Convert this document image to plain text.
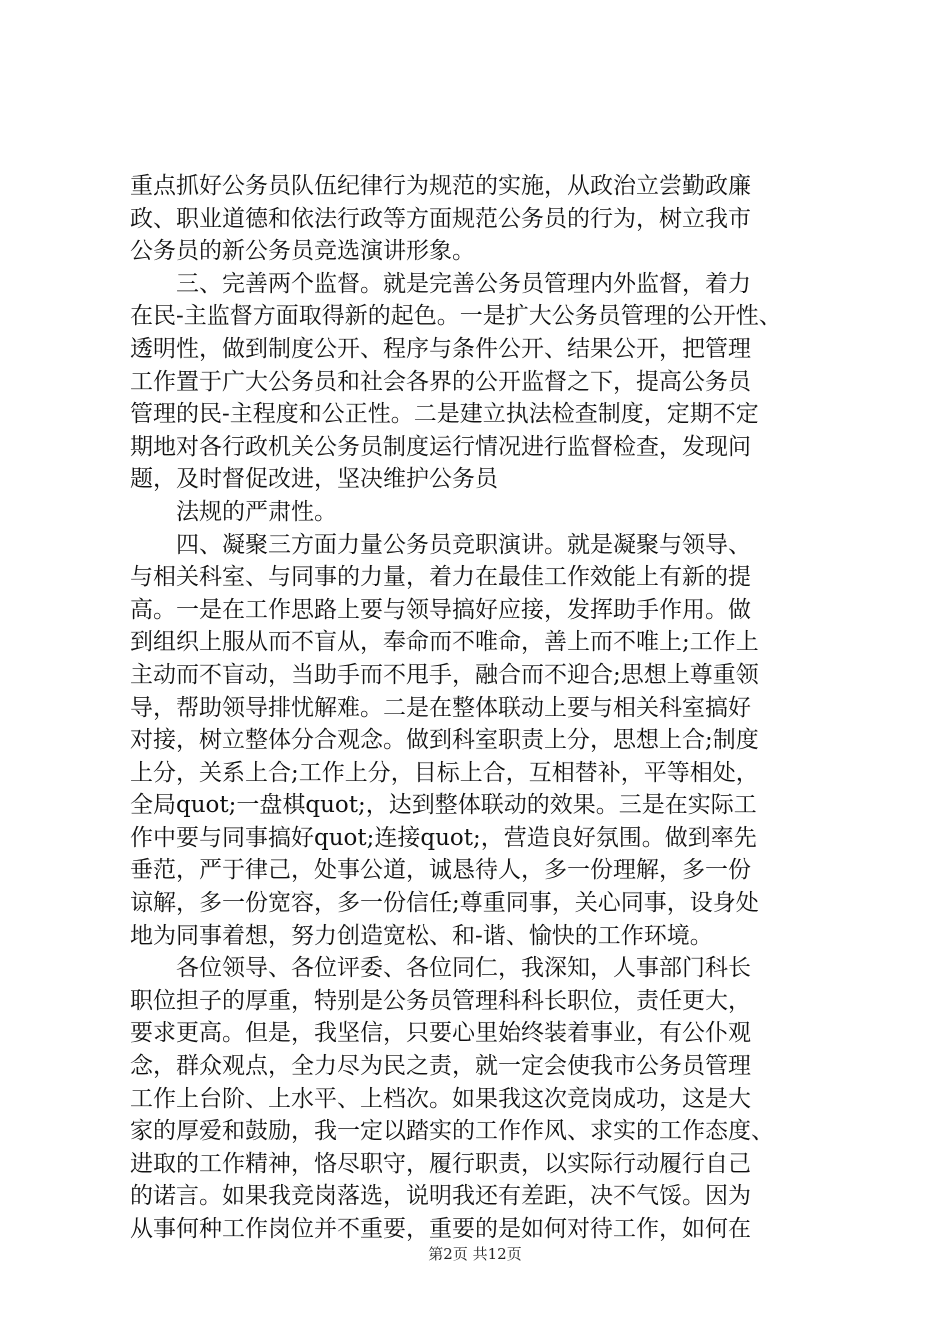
重点抓好公务员队伍纪律行为规范的实施，从政治立尝勤政廉
政、职业道德和依法行政等方面规范公务员的行为，树立我市
公务员的新公务员竞选演讲形象。
三、完善两个监督。就是完善公务员管理内外监督，着力
在民-主监督方面取得新的起色。一是扩大公务员管理的公开性、
透明性，做到制度公开、程序与条件公开、结果公开，把管理
工作置于广大公务员和社会各界的公开监督之下，提高公务员
管理的民-主程度和公正性。二是建立执法检查制度，定期不定
期地对各行政机关公务员制度运行情况进行监督检查，发现问
题，及时督促改进，坚决维护公务员
法规的严肃性。
四、凝聚三方面力量公务员竞职演讲。就是凝聚与领导、
与相关科室、与同事的力量，着力在最佳工作效能上有新的提
高。一是在工作思路上要与领导搞好应接，发挥助手作用。做
到组织上服从而不盲从，奉命而不唯命，善上而不唯上;工作上
主动而不盲动，当助手而不甩手，融合而不迎合;思想上尊重领
导，帮助领导排忧解难。二是在整体联动上要与相关科室搞好
对接，树立整体分合观念。做到科室职责上分，思想上合;制度
上分，关系上合;工作上分，目标上合，互相替补，平等相处，
全局quot;一盘棋quot;，达到整体联动的效果。三是在实际工
作中要与同事搞好quot;连接quot;，营造良好氛围。做到率先
垂范，严于律己，处事公道，诚恳待人，多一份理解，多一份
谅解，多一份宽容，多一份信任;尊重同事，关心同事，设身处
地为同事着想，努力创造宽松、和-谐、愉快的工作环境。
各位领导、各位评委、各位同仁，我深知，人事部门科长
职位担子的厚重，特别是公务员管理科科长职位，责任更大，
要求更高。但是，我坚信，只要心里始终装着事业，有公仆观
念，群众观点，全力尽为民之责，就一定会使我市公务员管理
工作上台阶、上水平、上档次。如果我这次竞岗成功，这是大
家的厚爱和鼓励，我一定以踏实的工作作风、求实的工作态度、
进取的工作精神，恪尽职守，履行职责，以实际行动履行自己
的诺言。如果我竞岗落选，说明我还有差距，决不气馁。因为
从事何种工作岗位并不重要，重要的是如何对待工作，如何在
第2页 共12页
